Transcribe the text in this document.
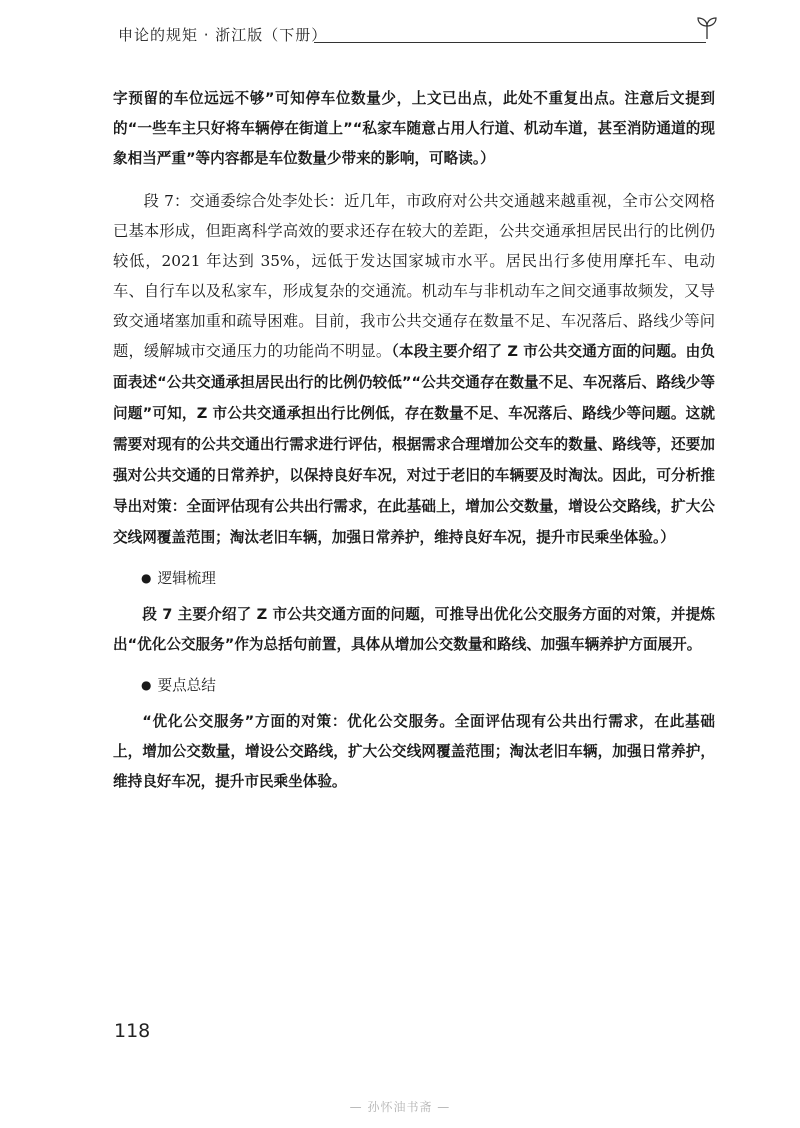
申论的规矩 · 浙江版（下册）

字预留的车位远远不够”可知停车位数量少，上文已出点，此处不重复出点。注意后文提到的“一些车主只好将车辆停在街道上”“私家车随意占用人行道、机动车道，甚至消防通道的现象相当严重”等内容都是车位数量少带来的影响，可略读。）

段 7：交通委综合处李处长：近几年，市政府对公共交通越来越重视，全市公交网格已基本形成，但距离科学高效的要求还存在较大的差距，公共交通承担居民出行的比例仍较低，2021 年达到 35%，远低于发达国家城市水平。居民出行多使用摩托车、电动车、自行车以及私家车，形成复杂的交通流。机动车与非机动车之间交通事故频发，又导致交通堵塞加重和疏导困难。目前，我市公共交通存在数量不足、车况落后、路线少等问题，缓解城市交通压力的功能尚不明显。（本段主要介绍了 Z 市公共交通方面的问题。由负面表述“公共交通承担居民出行的比例仍较低”“公共交通存在数量不足、车况落后、路线少等问题”可知，Z 市公共交通承担出行比例低，存在数量不足、车况落后、路线少等问题。这就需要对现有的公共交通出行需求进行评估，根据需求合理增加公交车的数量、路线等，还要加强对公共交通的日常养护，以保持良好车况，对过于老旧的车辆要及时淘汰。因此，可分析推导出对策：全面评估现有公共出行需求，在此基础上，增加公交数量，增设公交路线，扩大公交线网覆盖范围；淘汰老旧车辆，加强日常养护，维持良好车况，提升市民乘坐体验。）

● 逻辑梳理

段 7 主要介绍了 Z 市公共交通方面的问题，可推导出优化公交服务方面的对策，并提炼出“优化公交服务”作为总括句前置，具体从增加公交数量和路线、加强车辆养护方面展开。

● 要点总结

“优化公交服务”方面的对策：优化公交服务。全面评估现有公共出行需求，在此基础上，增加公交数量，增设公交路线，扩大公交线网覆盖范围；淘汰老旧车辆，加强日常养护，维持良好车况，提升市民乘坐体验。

118
— 孙怀油书斋 —
